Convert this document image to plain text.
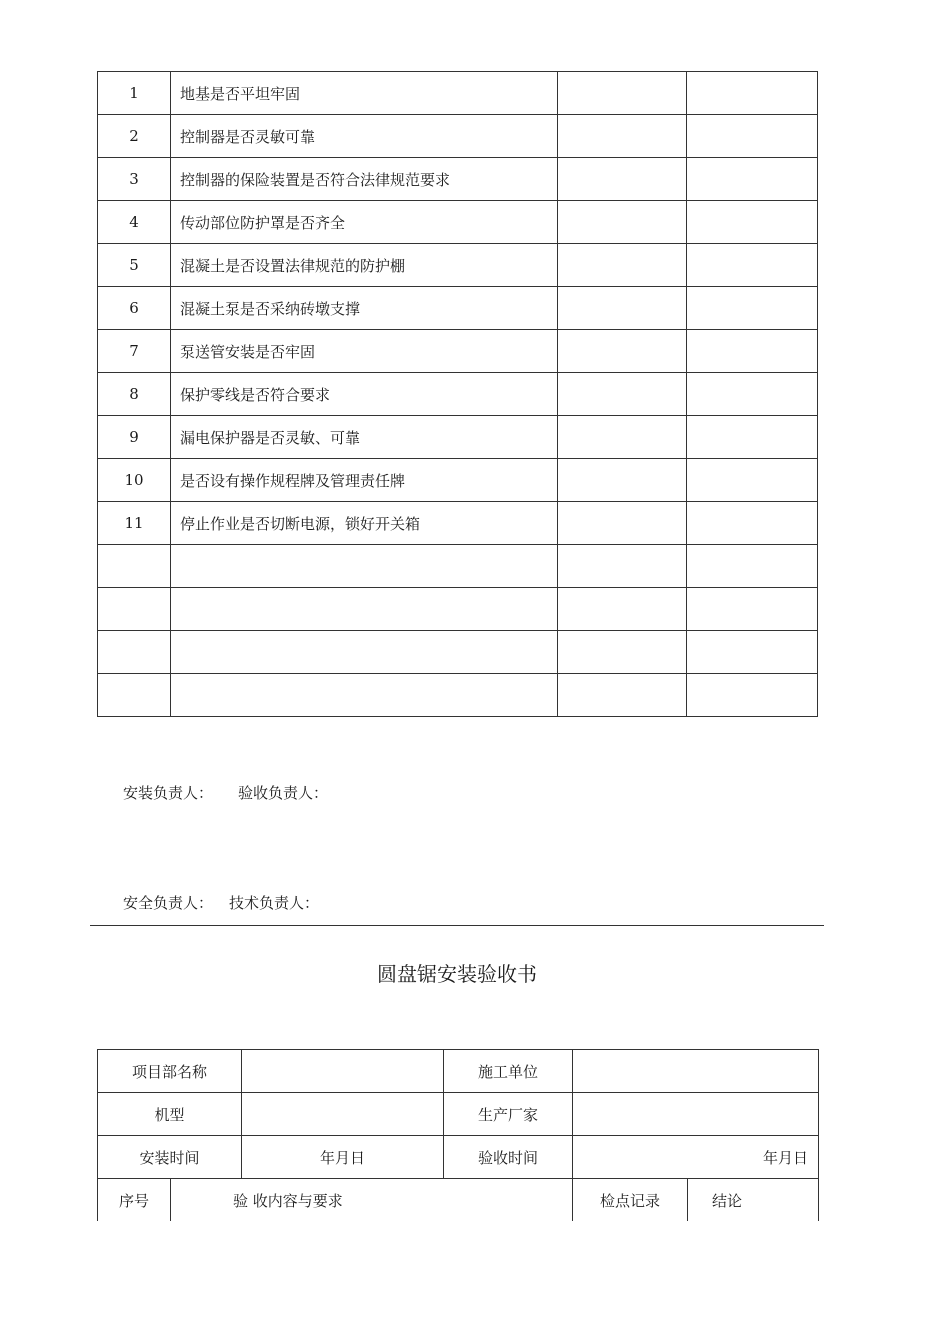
1	地基是否平坦牢固		
2	控制器是否灵敏可靠		
3	控制器的保险装置是否符合法律规范要求		
4	传动部位防护罩是否齐全		
5	混凝土是否设置法律规范的防护棚		
6	混凝土泵是否采纳砖墩支撑		
7	泵送管安装是否牢固		
8	保护零线是否符合要求		
9	漏电保护器是否灵敏、可靠		
10	是否设有操作规程牌及管理责任牌		
11	停止作业是否切断电源，锁好开关箱		

安装负责人： 验收负责人：
安全负责人： 技术负责人：
圆盘锯安装验收书
项目部名称			施工单位		
机型			生产厂家		
安装时间		年月日	验收时间	年月日	
序号	验 收内容与要求			检点记录	结论
